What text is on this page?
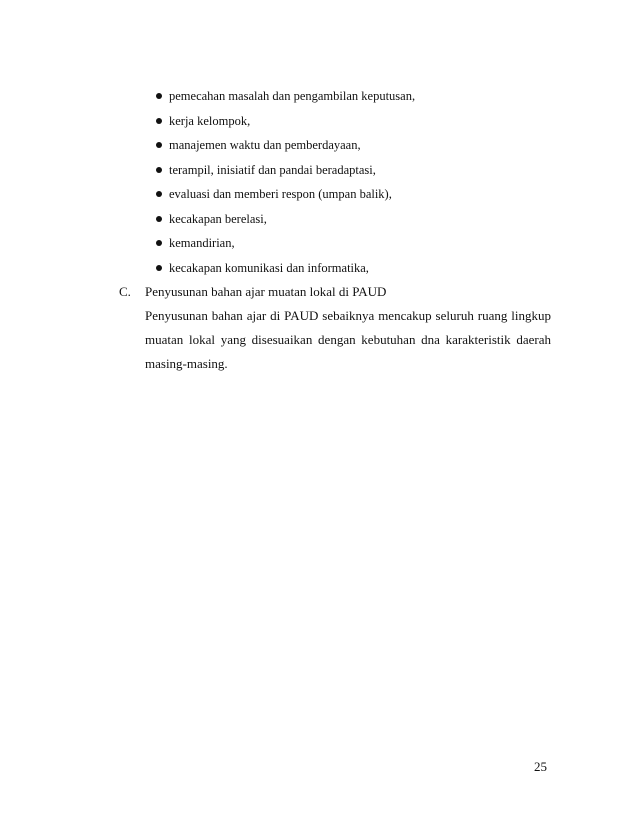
pemecahan masalah dan pengambilan keputusan,
kerja kelompok,
manajemen waktu dan pemberdayaan,
terampil, inisiatif dan pandai beradaptasi,
evaluasi dan memberi respon (umpan balik),
kecakapan berelasi,
kemandirian,
kecakapan komunikasi dan informatika,
C. Penyusunan bahan ajar muatan lokal di PAUD

Penyusunan bahan ajar di PAUD sebaiknya mencakup seluruh ruang lingkup
muatan lokal yang disesuaikan dengan kebutuhan dna karakteristik daerah
masing-masing.

25
